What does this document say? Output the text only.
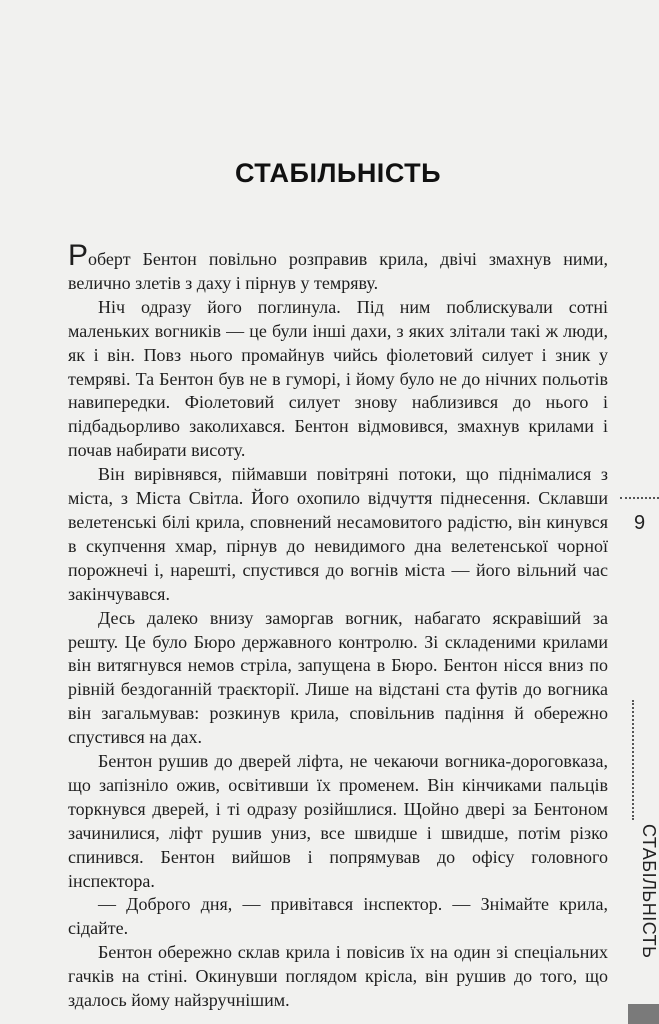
СТАБІЛЬНІСТЬ

Роберт Бентон повільно розправив крила, двічі змахнув ними, велично злетів з даху і пірнув у темряву.

Ніч одразу його поглинула. Під ним поблискували сотні маленьких вогників — це були інші дахи, з яких злітали такі ж люди, як і він. Повз нього промайнув чийсь фіолетовий силует і зник у темряві. Та Бентон був не в гуморі, і йому було не до нічних польотів навипередки. Фіолетовий силует знову наблизився до нього і підбадьорливо заколихався. Бентон відмовився, змахнув крилами і почав набирати висоту.

Він вирівнявся, піймавши повітряні потоки, що піднімалися з міста, з Міста Світла. Його охопило відчуття піднесення. Склавши велетенські білі крила, сповнений несамовитого радістю, він кинувся в скупчення хмар, пірнув до невидимого дна велетенської чорної порожнечі і, нарешті, спустився до вогнів міста — його вільний час закінчувався.

Десь далеко внизу заморгав вогник, набагато яскравіший за решту. Це було Бюро державного контролю. Зі складеними крилами він витягнувся немов стріла, запущена в Бюро. Бентон нісся вниз по рівній бездоганній траєкторії. Лише на відстані ста футів до вогника він загальмував: розкинув крила, сповільнив падіння й обережно спустився на дах.

Бентон рушив до дверей ліфта, не чекаючи вогника-дороговказа, що запізніло ожив, освітивши їх променем. Він кінчиками пальців торкнувся дверей, і ті одразу розійшлися. Щойно двері за Бентоном зачинилися, ліфт рушив униз, все швидше і швидше, потім різко спинився. Бентон вийшов і попрямував до офісу головного інспектора.

— Доброго дня, — привітався інспектор. — Знімайте крила, сідайте.

Бентон обережно склав крила і повісив їх на один зі спеціальних гачків на стіні. Окинувши поглядом крісла, він рушив до того, що здалось йому найзручнішим.

9
СТАБІЛЬНІСТЬ
